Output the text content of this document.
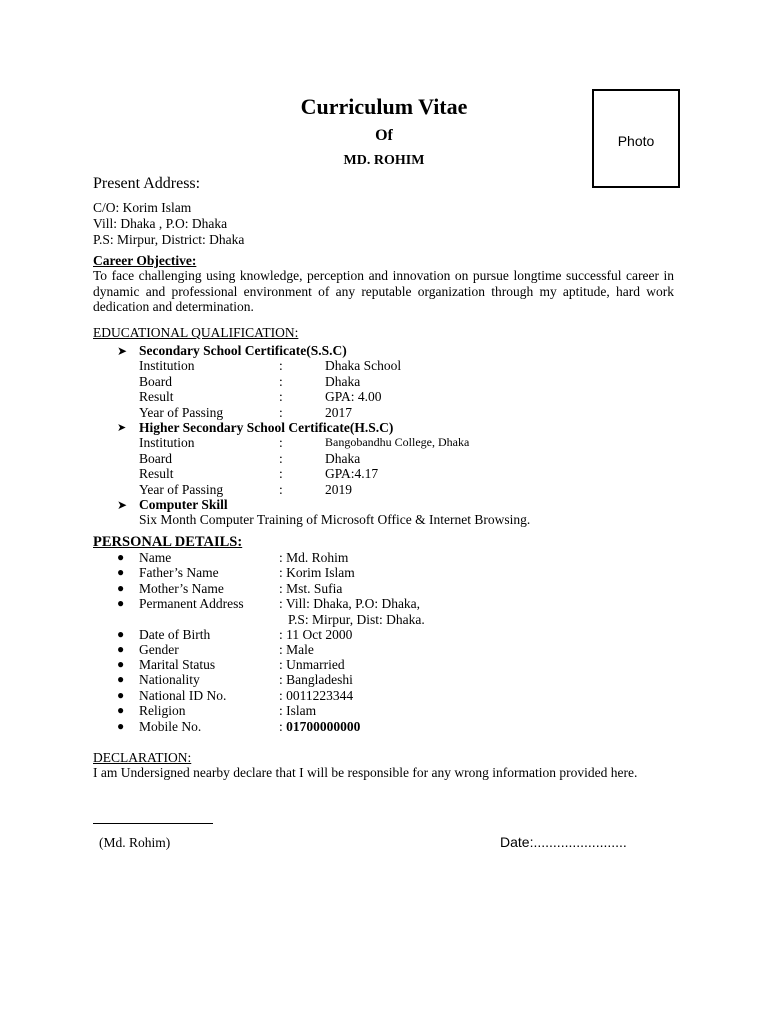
Curriculum Vitae
Of
MD. ROHIM
Photo
Present Address:
C/O: Korim Islam
Vill: Dhaka , P.O: Dhaka
P.S: Mirpur, District: Dhaka
Career Objective:
To face challenging using knowledge, perception and innovation on pursue longtime successful career in dynamic and professional environment of any reputable organization through my aptitude, hard work dedication and determination.
EDUCATIONAL QUALIFICATION:
➤ Secondary School Certificate(S.S.C)
Institution	:	Dhaka School
Board	:	Dhaka
Result	:	GPA: 4.00
Year of Passing	:	2017
➤ Higher Secondary School Certificate(H.S.C)
Institution	:	Bangobandhu College, Dhaka
Board	:	Dhaka
Result	:	GPA:4.17
Year of Passing	:	2019
➤ Computer Skill
Six Month Computer Training of Microsoft Office & Internet Browsing.
PERSONAL DETAILS:
● Name	: Md. Rohim
● Father’s Name	: Korim Islam
● Mother’s Name	: Mst. Sufia
● Permanent Address	: Vill: Dhaka, P.O: Dhaka,
P.S: Mirpur, Dist: Dhaka.
● Date of Birth	: 11 Oct 2000
● Gender	: Male
● Marital Status	: Unmarried
● Nationality	: Bangladeshi
● National ID No.	: 0011223344
● Religion	: Islam
● Mobile No.	: 01700000000
DECLARATION:
I am Undersigned nearby declare that I will be responsible for any wrong information provided here.
(Md. Rohim)	Date:........................
